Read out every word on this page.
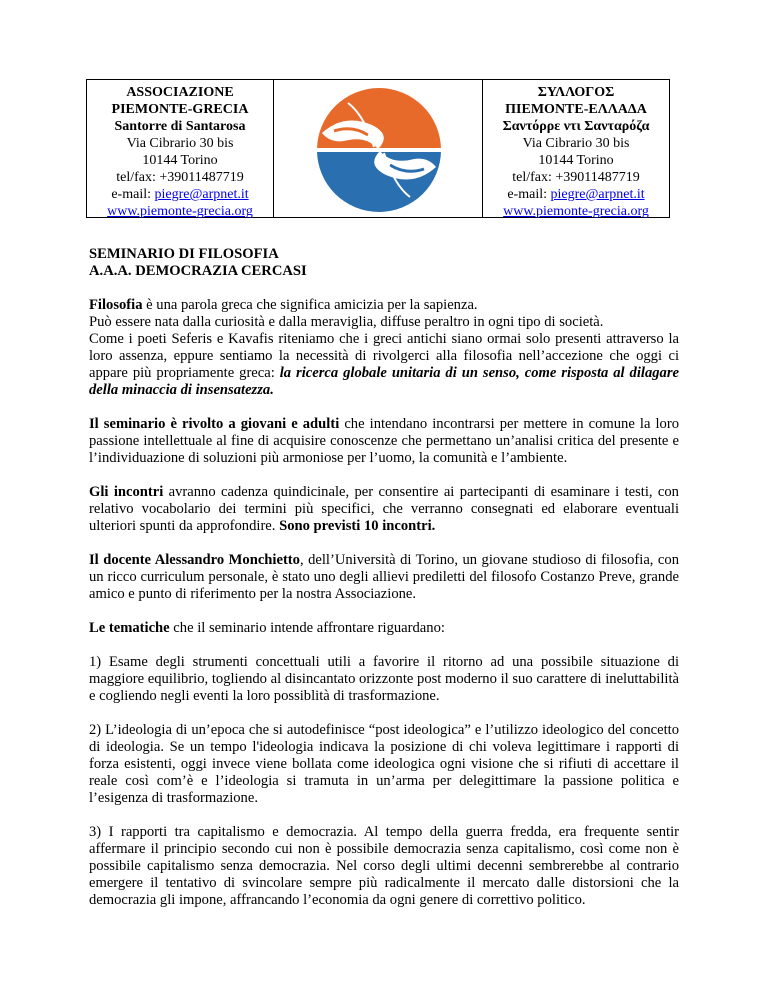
ASSOCIAZIONE
PIEMONTE-GRECIA
Santorre di Santarosa
Via Cibrario 30 bis
10144 Torino
tel/fax: +39011487719
e-mail: piegre@arpnet.it
www.piemonte-grecia.org
ΣΥΛΛΟΓΟΣ
ΠΙΕΜΟΝΤΕ-ΕΛΛΑΔΑ
Σαντόρρε ντι Σανταρόζα
Via Cibrario 30 bis
10144 Torino
tel/fax: +39011487719
e-mail: piegre@arpnet.it
www.piemonte-grecia.org
SEMINARIO DI FILOSOFIA
A.A.A. DEMOCRAZIA CERCASI

Filosofia è una parola greca che significa amicizia per la sapienza.
Può essere nata dalla curiosità e dalla meraviglia, diffuse peraltro in ogni tipo di società.
Come i poeti Seferis e Kavafis riteniamo che i greci antichi siano ormai solo presenti attraverso la loro assenza, eppure sentiamo la necessità di rivolgerci alla filosofia nell’accezione che oggi ci appare più propriamente greca: la ricerca globale unitaria di un senso, come risposta al dilagare della minaccia di insensatezza.

Il seminario è rivolto a giovani e adulti che intendano incontrarsi per mettere in comune la loro passione intellettuale al fine di acquisire conoscenze che permettano un’analisi critica del presente e l’individuazione di soluzioni più armoniose per l’uomo, la comunità e l’ambiente.

Gli incontri avranno cadenza quindicinale, per consentire ai partecipanti di esaminare i testi, con relativo vocabolario dei termini più specifici, che verranno consegnati ed elaborare eventuali ulteriori spunti da approfondire. Sono previsti 10 incontri.

Il docente Alessandro Monchietto, dell’Università di Torino, un giovane studioso di filosofia, con un ricco curriculum personale, è stato uno degli allievi prediletti del filosofo Costanzo Preve, grande amico e punto di riferimento per la nostra Associazione.

Le tematiche che il seminario intende affrontare riguardano:

1) Esame degli strumenti concettuali utili a favorire il ritorno ad una possibile situazione di maggiore equilibrio, togliendo al disincantato orizzonte post moderno il suo carattere di ineluttabilità e cogliendo negli eventi la loro possiblità di trasformazione.

2) L’ideologia di un’epoca che si autodefinisce “post ideologica” e l’utilizzo ideologico del concetto di ideologia. Se un tempo l'ideologia indicava la posizione di chi voleva legittimare i rapporti di forza esistenti, oggi invece viene bollata come ideologica ogni visione che si rifiuti di accettare il reale così com’è e l’ideologia si tramuta in un’arma per delegittimare la passione politica e l’esigenza di trasformazione.

3) I rapporti tra capitalismo e democrazia. Al tempo della guerra fredda, era frequente sentir affermare il principio secondo cui non è possibile democrazia senza capitalismo, così come non è possibile capitalismo senza democrazia. Nel corso degli ultimi decenni sembrerebbe al contrario emergere il tentativo di svincolare sempre più radicalmente il mercato dalle distorsioni che la democrazia gli impone, affrancando l’economia da ogni genere di correttivo politico.
